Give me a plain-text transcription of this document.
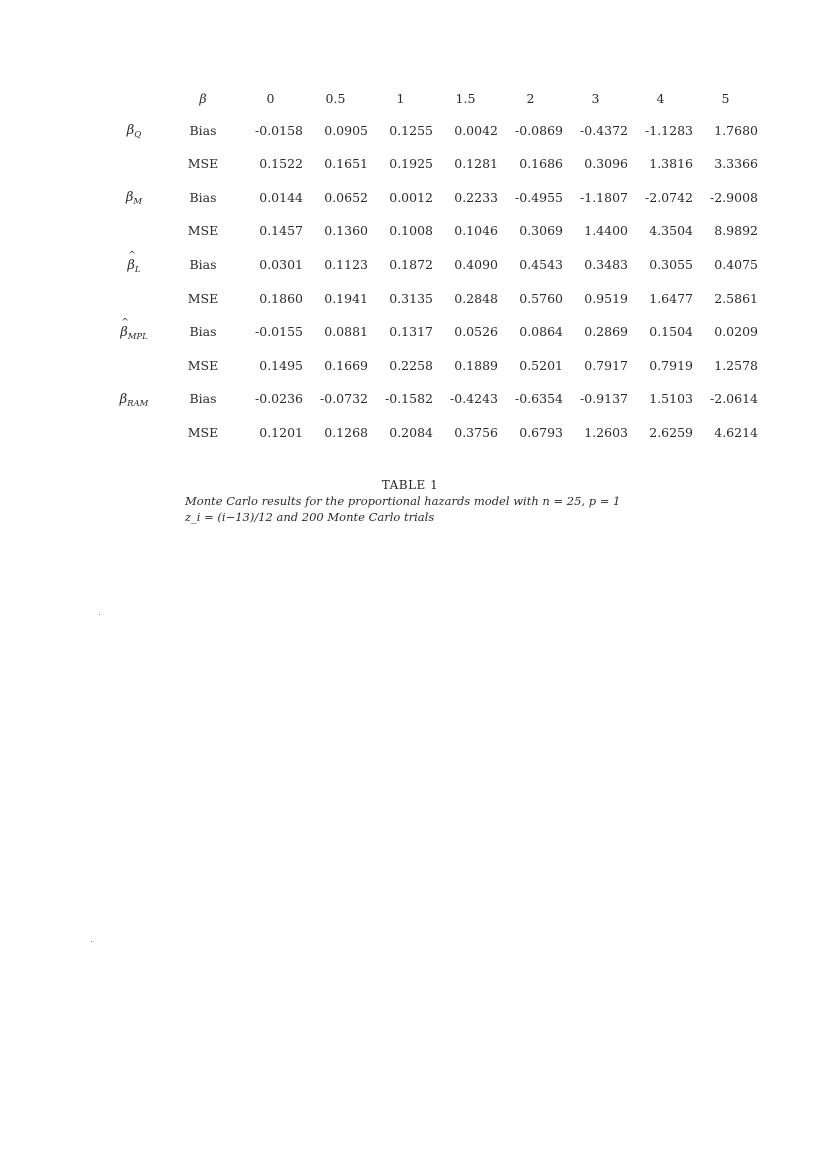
	β	0	0.5	1	1.5	2	3	4	5
$\beta_Q$	Bias	-0.0158	0.0905	0.1255	0.0042	-0.0869	-0.4372	-1.1283	1.7680
	MSE	0.1522	0.1651	0.1925	0.1281	0.1686	0.3096	1.3816	3.3366
$\beta_M$	Bias	0.0144	0.0652	0.0012	0.2233	-0.4955	-1.1807	-2.0742	-2.9008
	MSE	0.1457	0.1360	0.1008	0.1046	0.3069	1.4400	4.3504	8.9892

^
$\beta_L$	Bias	0.0301	0.1123	0.1872	0.4090	0.4543	0.3483	0.3055	0.4075
	MSE	0.1860	0.1941	0.3135	0.2848	0.5760	0.9519	1.6477	2.5861

^
$\beta_{MPL}$	Bias	-0.0155	0.0881	0.1317	0.0526	0.0864	0.2869	0.1504	0.0209
	MSE	0.1495	0.1669	0.2258	0.1889	0.5201	0.7917	0.7919	1.2578
$\beta_{RAM}$	Bias	-0.0236	-0.0732	-0.1582	-0.4243	-0.6354	-0.9137	1.5103	-2.0614
	MSE	0.1201	0.1268	0.2084	0.3756	0.6793	1.2603	2.6259	4.6214
TABLE 1
Monte Carlo results for the proportional hazards model with n = 25, p = 1
z_i = (i−13)/12 and 200 Monte Carlo trials
